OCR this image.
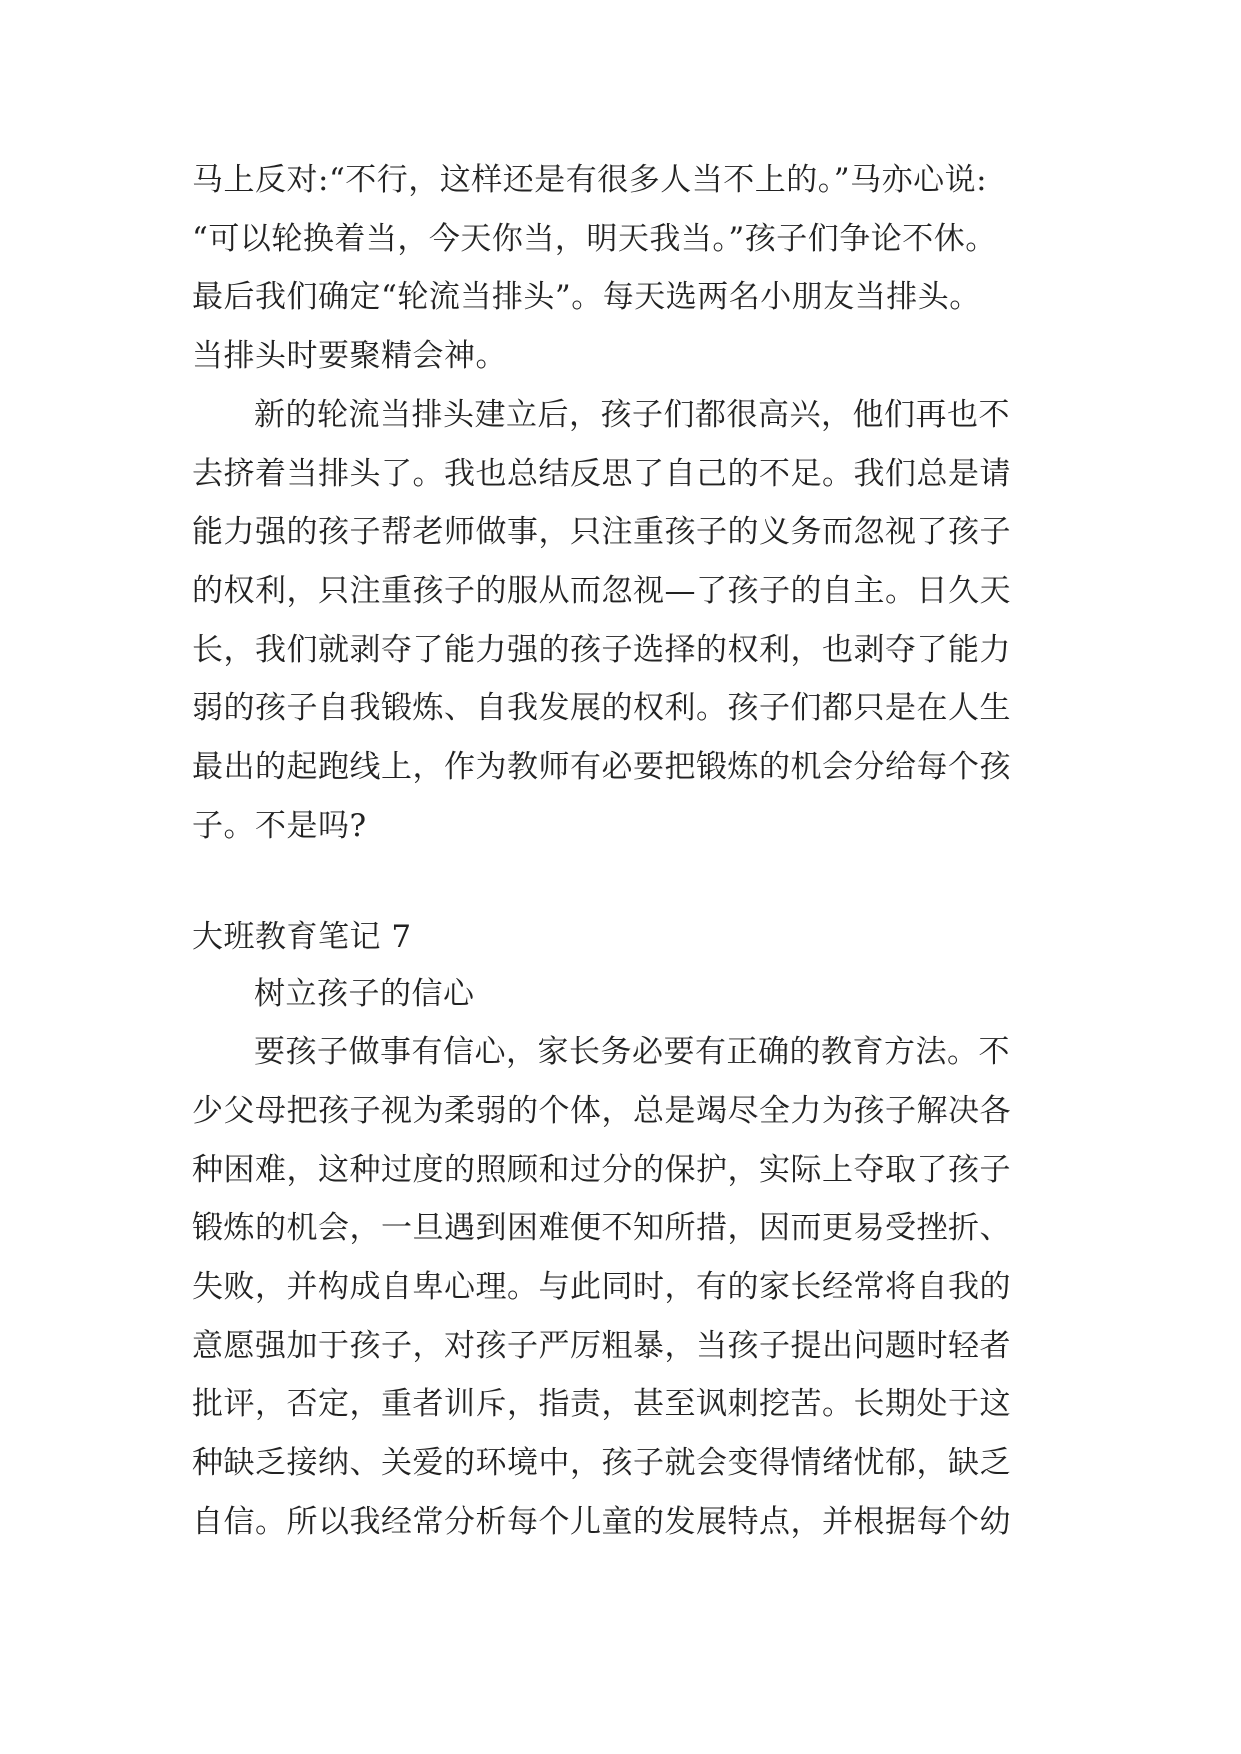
马上反对:“不行，这样还是有很多人当不上的。”马亦心说:
“可以轮换着当，今天你当，明天我当。”孩子们争论不休。
最后我们确定“轮流当排头”。每天选两名小朋友当排头。
当排头时要聚精会神。
新的轮流当排头建立后，孩子们都很高兴，他们再也不
去挤着当排头了。我也总结反思了自己的不足。我们总是请
能力强的孩子帮老师做事，只注重孩子的义务而忽视了孩子
的权利，只注重孩子的服从而忽视—了孩子的自主。日久天
长，我们就剥夺了能力强的孩子选择的权利，也剥夺了能力
弱的孩子自我锻炼、自我发展的权利。孩子们都只是在人生
最出的起跑线上，作为教师有必要把锻炼的机会分给每个孩
子。不是吗?
大班教育笔记 7
树立孩子的信心
要孩子做事有信心，家长务必要有正确的教育方法。不
少父母把孩子视为柔弱的个体，总是竭尽全力为孩子解决各
种困难，这种过度的照顾和过分的保护，实际上夺取了孩子
锻炼的机会，一旦遇到困难便不知所措，因而更易受挫折、
失败，并构成自卑心理。与此同时，有的家长经常将自我的
意愿强加于孩子，对孩子严厉粗暴，当孩子提出问题时轻者
批评，否定，重者训斥，指责，甚至讽刺挖苦。长期处于这
种缺乏接纳、关爱的环境中，孩子就会变得情绪忧郁，缺乏
自信。所以我经常分析每个儿童的发展特点，并根据每个幼
